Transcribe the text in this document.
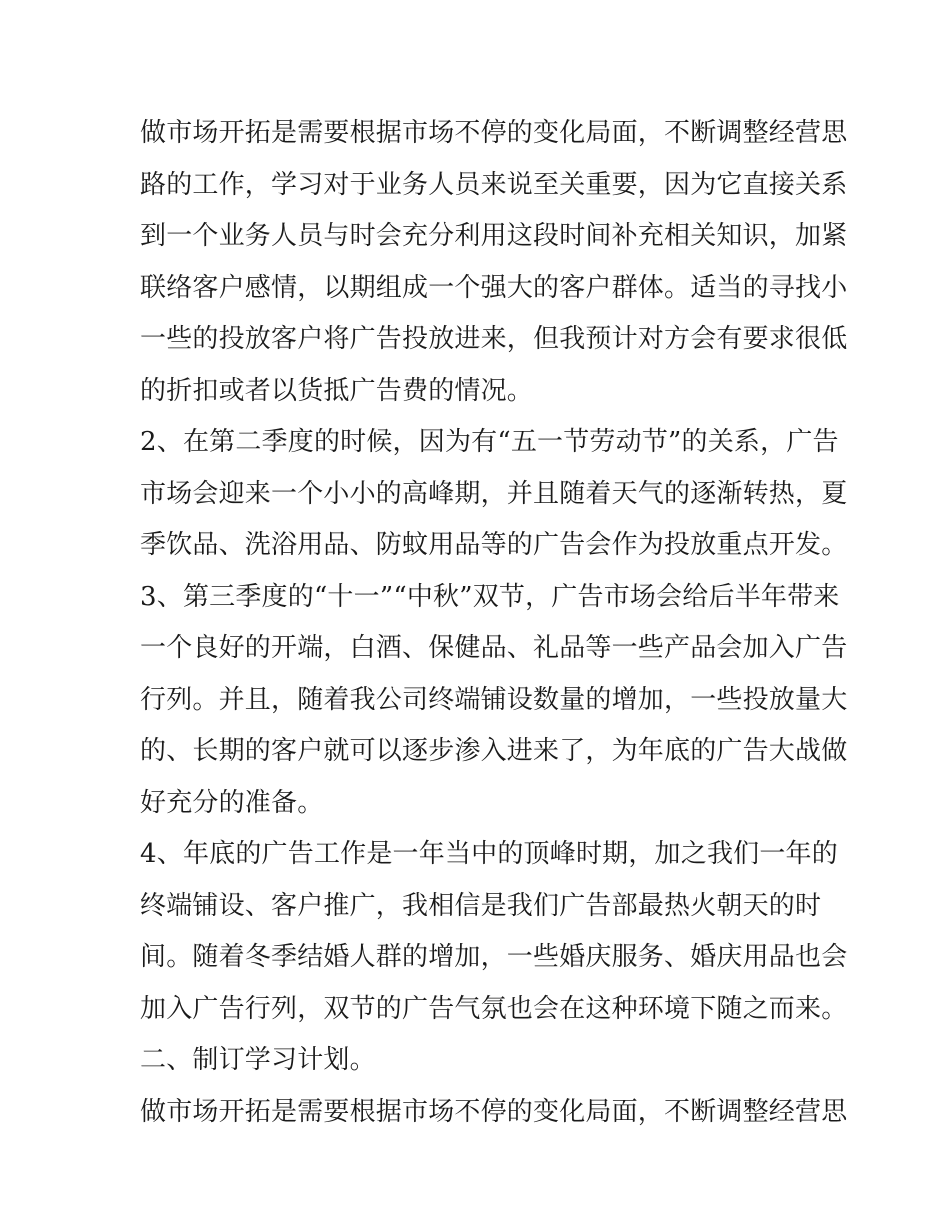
做市场开拓是需要根据市场不停的变化局面，不断调整经营思
路的工作，学习对于业务人员来说至关重要，因为它直接关系
到一个业务人员与时会充分利用这段时间补充相关知识，加紧
联络客户感情，以期组成一个强大的客户群体。适当的寻找小
一些的投放客户将广告投放进来，但我预计对方会有要求很低
的折扣或者以货抵广告费的情况。
2、在第二季度的时候，因为有“五一节劳动节”的关系，广告
市场会迎来一个小小的高峰期，并且随着天气的逐渐转热，夏
季饮品、洗浴用品、防蚊用品等的广告会作为投放重点开发。
3、第三季度的“十一”“中秋”双节，广告市场会给后半年带来
一个良好的开端，白酒、保健品、礼品等一些产品会加入广告
行列。并且，随着我公司终端铺设数量的增加，一些投放量大
的、长期的客户就可以逐步渗入进来了，为年底的广告大战做
好充分的准备。
4、年底的广告工作是一年当中的顶峰时期，加之我们一年的
终端铺设、客户推广，我相信是我们广告部最热火朝天的时
间。随着冬季结婚人群的增加，一些婚庆服务、婚庆用品也会
加入广告行列，双节的广告气氛也会在这种环境下随之而来。
二、制订学习计划。
做市场开拓是需要根据市场不停的变化局面，不断调整经营思
